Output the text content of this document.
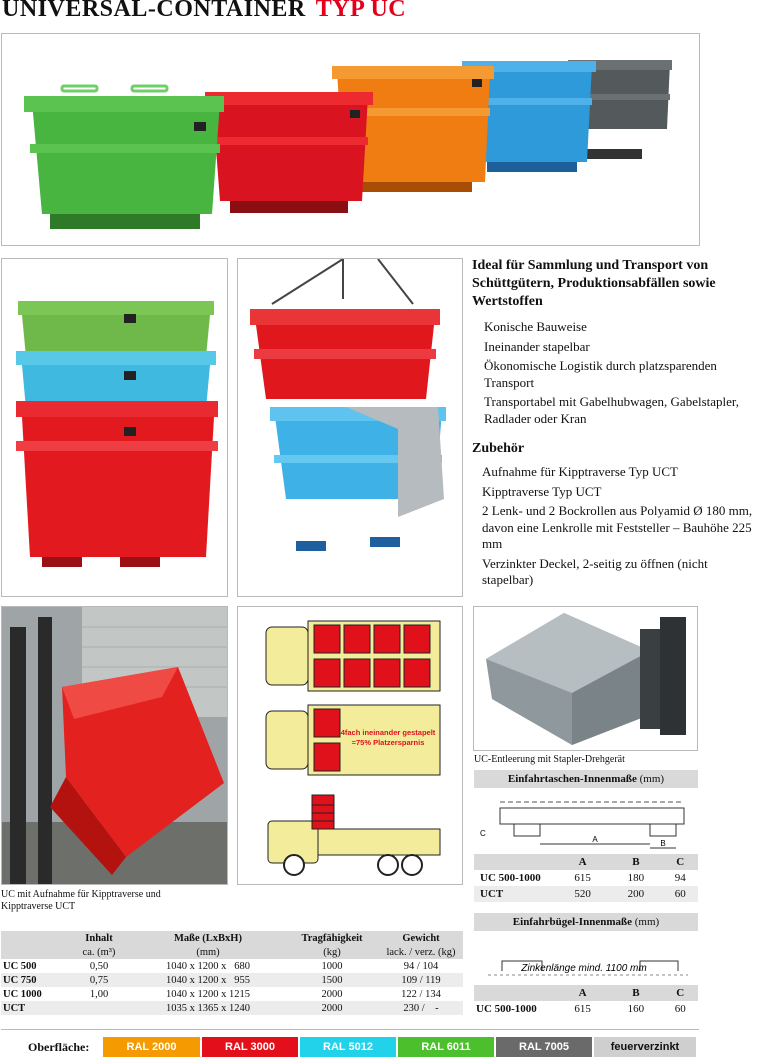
UNIVERSAL-CONTAINER TYP UC
Ideal für Sammlung und Transport von Schüttgütern, Produktionsabfällen sowie Wertstoffen
Konische Bauweise
Ineinander stapelbar
Ökonomische Logistik durch platzsparenden Transport
Transportabel mit Gabelhubwagen, Gabelstapler, Radlader oder Kran
Zubehör
Aufnahme für Kipptraverse Typ UCT
Kipptraverse Typ UCT
2 Lenk- und 2 Bockrollen aus Polyamid Ø 180 mm, davon eine Lenkrolle mit Feststeller – Bauhöhe 225 mm
Verzinkter Deckel, 2-seitig zu öffnen (nicht stapelbar)
4fach ineinander gestapelt
=75% Platzersparnis
UC-Entleerung mit Stapler-Drehgerät
UC mit Aufnahme für Kipptraverse und Kipptraverse UCT
Einfahrtaschen-Innenmaße (mm)
A	B
C
	A	B	C
UC 500-1000	615	180	94
UCT	520	200	60
Einfahrbügel-Innenmaße (mm)
Zinkenlänge mind. 1100 mm
	A	B	C
UC 500-1000	615	160	60
	Inhalt	Maße (LxBxH)	Tragfähigkeit	Gewicht
	ca. (m³)	(mm)	(kg)	lack. / verz. (kg)
UC 500	0,50	1040 x 1200 x   680	1000	94 / 104
UC 750	0,75	1040 x 1200 x   955	1500	109 / 119
UC 1000	1,00	1040 x 1200 x 1215	2000	122 / 134
UCT		1035 x 1365 x 1240	2000	230 /    -
Oberfläche:	RAL 2000	RAL 3000	RAL 5012	RAL 6011	RAL 7005	feuerverzinkt
